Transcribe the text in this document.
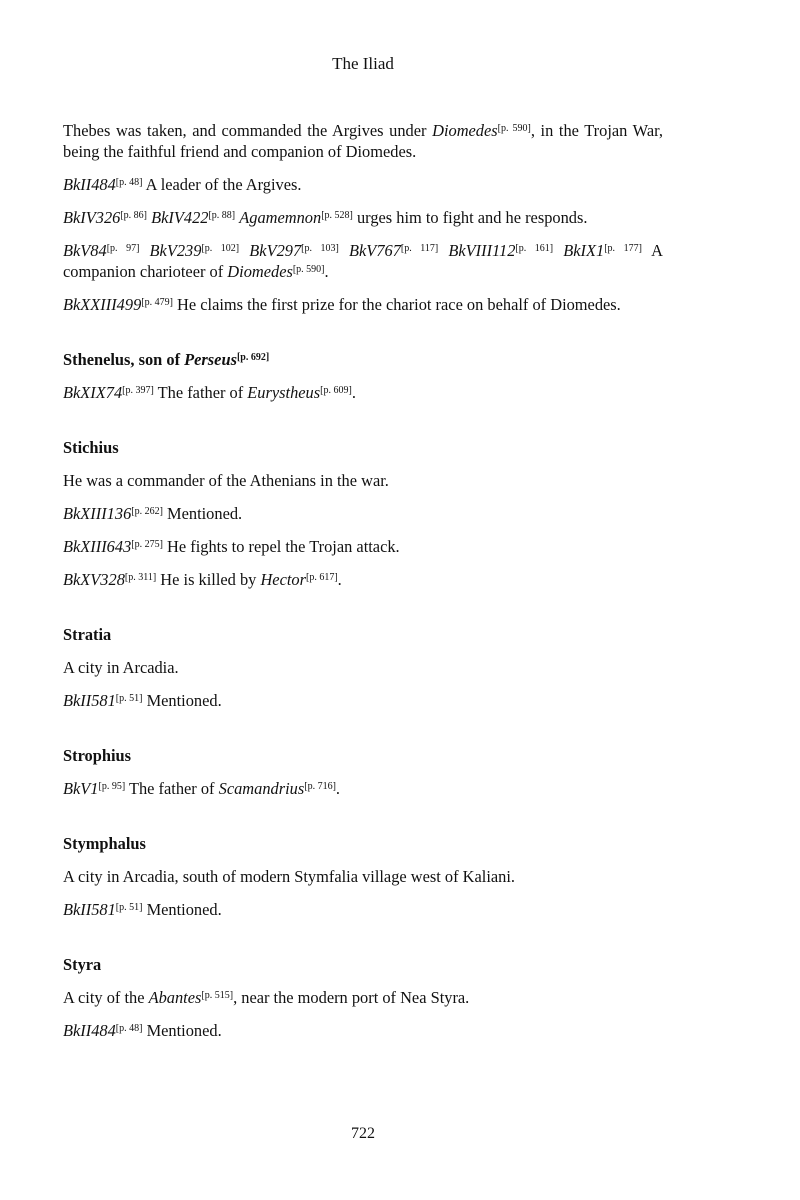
The Iliad

Thebes was taken, and commanded the Argives under Diomedes[p. 590], in the Trojan War, being the faithful friend and companion of Diomedes.

BkII484[p. 48] A leader of the Argives.

BkIV326[p. 86] BkIV422[p. 88] Agamemnon[p. 528] urges him to fight and he responds.

BkV84[p. 97] BkV239[p. 102] BkV297[p. 103] BkV767[p. 117] BkVIII112[p. 161] BkIX1[p. 177] A companion charioteer of Diomedes[p. 590].

BkXXIII499[p. 479] He claims the first prize for the chariot race on behalf of Diomedes.

Sthenelus, son of Perseus[p. 692]

BkXIX74[p. 397] The father of Eurystheus[p. 609].

Stichius

He was a commander of the Athenians in the war.

BkXIII136[p. 262] Mentioned.

BkXIII643[p. 275] He fights to repel the Trojan attack.

BkXV328[p. 311] He is killed by Hector[p. 617].

Stratia

A city in Arcadia.

BkII581[p. 51] Mentioned.

Strophius

BkV1[p. 95] The father of Scamandrius[p. 716].

Stymphalus

A city in Arcadia, south of modern Stymfalia village west of Kaliani.

BkII581[p. 51] Mentioned.

Styra

A city of the Abantes[p. 515], near the modern port of Nea Styra.

BkII484[p. 48] Mentioned.

722
